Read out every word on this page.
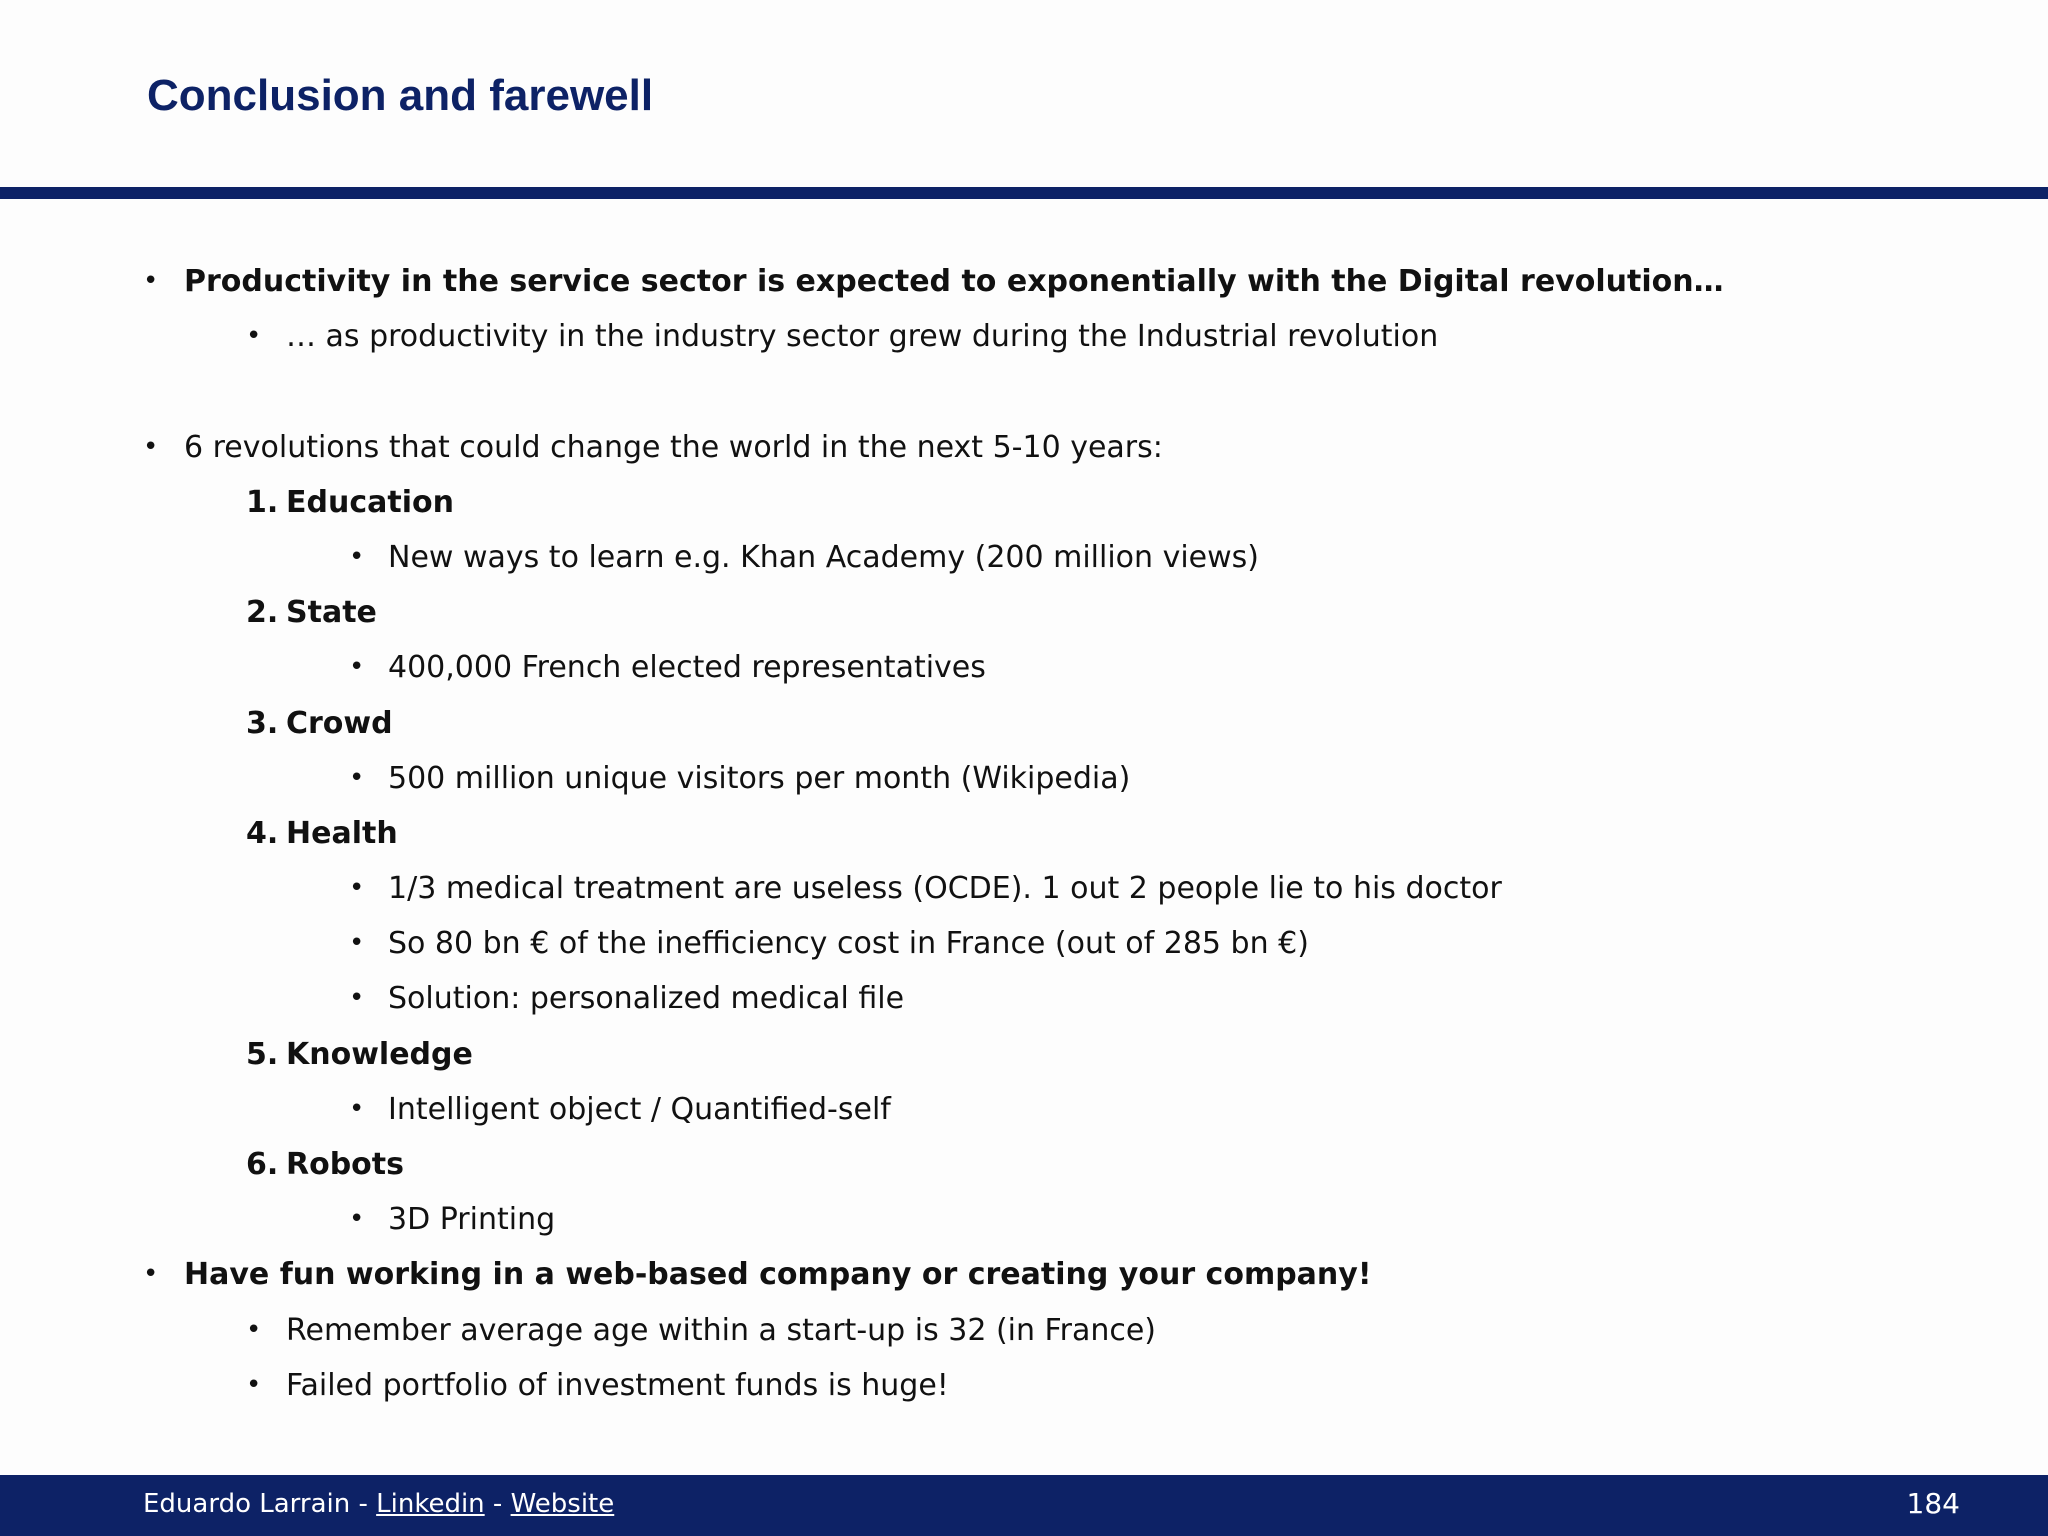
Conclusion and farewell
• Productivity in the service sector is expected to exponentially with the Digital revolution…
• … as productivity in the industry sector grew during the Industrial revolution
• 6 revolutions that could change the world in the next 5-10 years:
1. Education
• New ways to learn e.g. Khan Academy (200 million views)
2. State
• 400,000 French elected representatives
3. Crowd
• 500 million unique visitors per month (Wikipedia)
4. Health
• 1/3 medical treatment are useless (OCDE). 1 out 2 people lie to his doctor
• So 80 bn € of the inefficiency cost in France (out of 285 bn €)
• Solution: personalized medical file
5. Knowledge
• Intelligent object / Quantified-self
6. Robots
• 3D Printing
• Have fun working in a web-based company or creating your company!
• Remember average age within a start-up is 32 (in France)
• Failed portfolio of investment funds is huge!
Eduardo Larrain - Linkedin - Website	184
